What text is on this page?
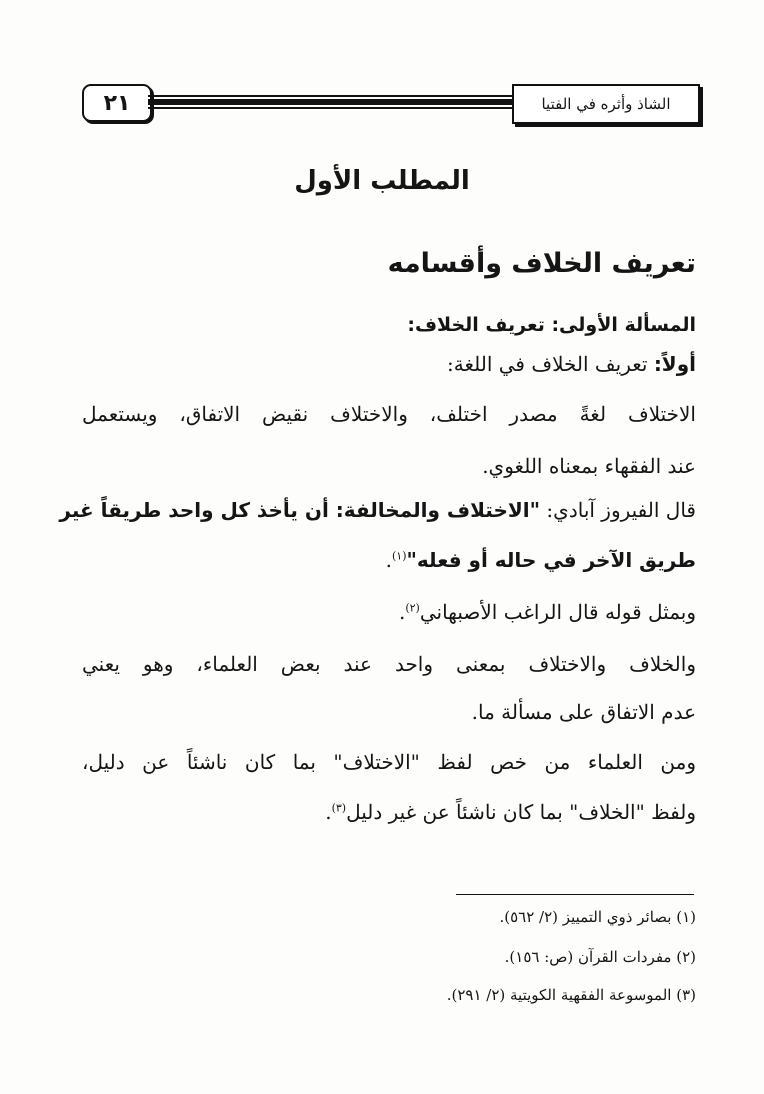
٢١	الشاذ وأثره في الفتيا
المطلب الأول
تعريف الخلاف وأقسامه
المسألة الأولى: تعريف الخلاف:
أولاً: تعريف الخلاف في اللغة:
الاختلاف لغةً مصدر اختلف، والاختلاف نقيض الاتفاق، ويستعمل
عند الفقهاء بمعناه اللغوي.
قال الفيروز آبادي: "الاختلاف والمخالفة: أن يأخذ كل واحد طريقاً غير
طريق الآخر في حاله أو فعله"$^{(١)}$.
وبمثل قوله قال الراغب الأصبهاني$^{(٢)}$.
والخلاف والاختلاف بمعنى واحد عند بعض العلماء، وهو يعني
عدم الاتفاق على مسألة ما.
ومن العلماء من خص لفظ "الاختلاف" بما كان ناشئاً عن دليل،
ولفظ "الخلاف" بما كان ناشئاً عن غير دليل$^{(٣)}$.
(١) بصائر ذوي التمييز (٢/ ٥٦٢).
(٢) مفردات القرآن (ص: ١٥٦).
(٣) الموسوعة الفقهية الكويتية (٢/ ٢٩١).
